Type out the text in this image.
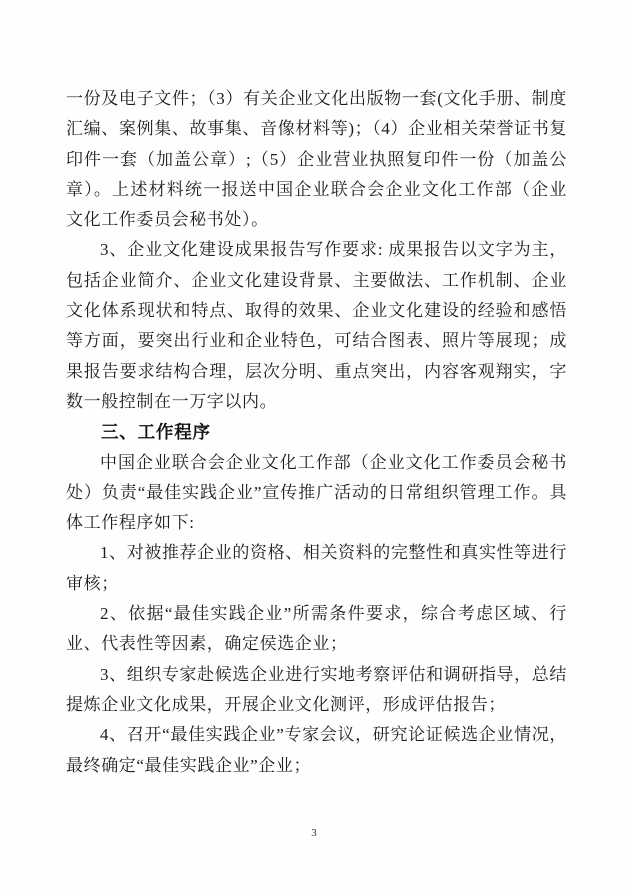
一份及电子文件；（3）有关企业文化出版物一套(文化手册、制度汇编、案例集、故事集、音像材料等)；（4）企业相关荣誉证书复印件一套（加盖公章）;（5）企业营业执照复印件一份（加盖公章）。上述材料统一报送中国企业联合会企业文化工作部（企业文化工作委员会秘书处）。

3、企业文化建设成果报告写作要求: 成果报告以文字为主，包括企业简介、企业文化建设背景、主要做法、工作机制、企业文化体系现状和特点、取得的效果、企业文化建设的经验和感悟等方面，要突出行业和企业特色，可结合图表、照片等展现；成果报告要求结构合理，层次分明、重点突出，内容客观翔实，字数一般控制在一万字以内。

三、工作程序

中国企业联合会企业文化工作部（企业文化工作委员会秘书处）负责“最佳实践企业”宣传推广活动的日常组织管理工作。具体工作程序如下:

1、对被推荐企业的资格、相关资料的完整性和真实性等进行审核；

2、依据“最佳实践企业”所需条件要求，综合考虑区域、行业、代表性等因素，确定侯选企业；

3、组织专家赴候选企业进行实地考察评估和调研指导，总结提炼企业文化成果，开展企业文化测评，形成评估报告；

4、召开“最佳实践企业”专家会议，研究论证候选企业情况，最终确定“最佳实践企业”企业；

3
